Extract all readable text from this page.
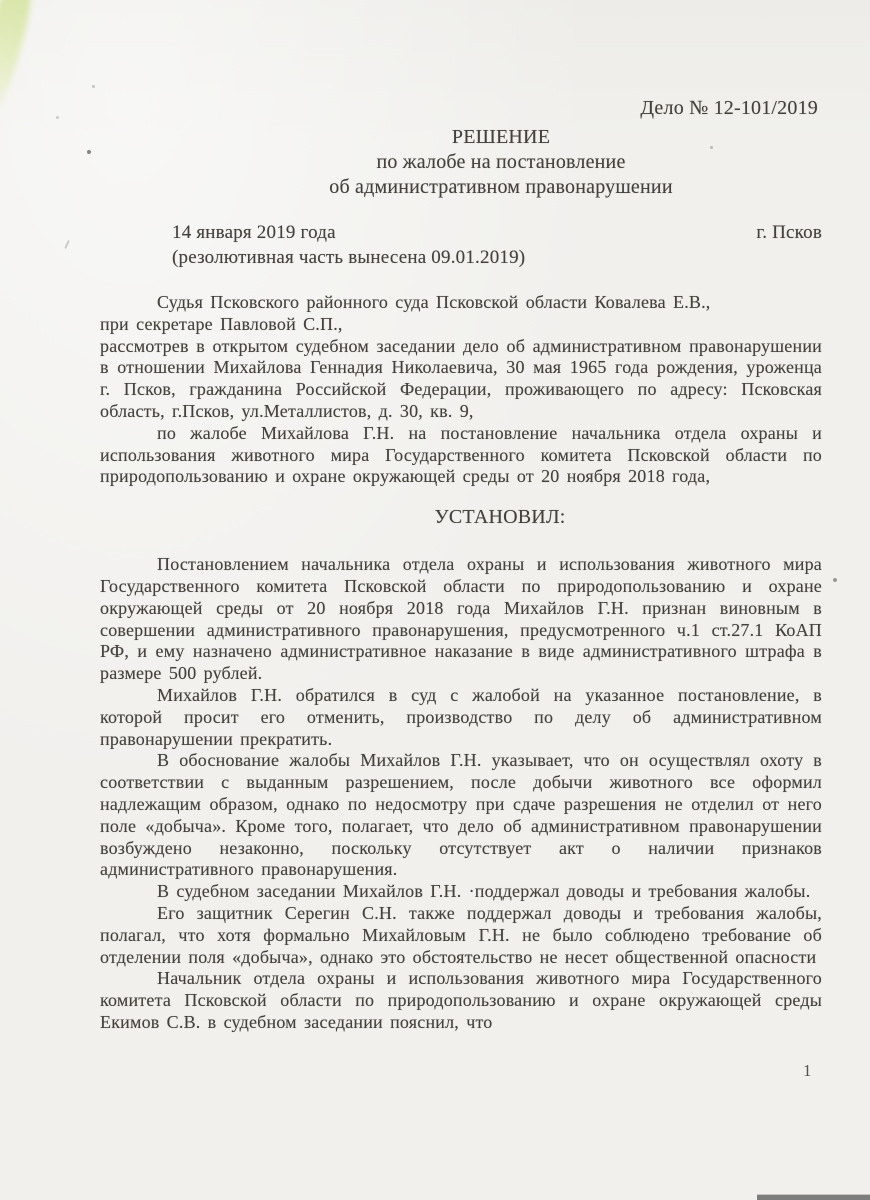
Дело № 12-101/2019
РЕШЕНИЕ
по жалобе на постановление
об административном правонарушении
14 января 2019 года	г. Псков
(резолютивная часть вынесена 09.01.2019)

Судья Псковского районного суда Псковской области Ковалева Е.В.,

при секретаре Павловой С.П.,

рассмотрев в открытом судебном заседании дело об административном правонарушении в отношении Михайлова Геннадия Николаевича, 30 мая 1965 года рождения, уроженца г. Псков, гражданина Российской Федерации, проживающего по адресу: Псковская область, г.Псков, ул.Металлистов, д. 30, кв. 9,

по жалобе Михайлова Г.Н. на постановление начальника отдела охраны и использования животного мира Государственного комитета Псковской области по природопользованию и охране окружающей среды от 20 ноября 2018 года,

УСТАНОВИЛ:

Постановлением начальника отдела охраны и использования животного мира Государственного комитета Псковской области по природопользованию и охране окружающей среды от 20 ноября 2018 года Михайлов Г.Н. признан виновным в совершении административного правонарушения, предусмотренного ч.1 ст.27.1 КоАП РФ, и ему назначено административное наказание в виде административного штрафа в размере 500 рублей.

Михайлов Г.Н. обратился в суд с жалобой на указанное постановление, в которой просит его отменить, производство по делу об административном правонарушении прекратить.

В обоснование жалобы Михайлов Г.Н. указывает, что он осуществлял охоту в соответствии с выданным разрешением, после добычи животного все оформил надлежащим образом, однако по недосмотру при сдаче разрешения не отделил от него поле «добыча». Кроме того, полагает, что дело об административном правонарушении возбуждено незаконно, поскольку отсутствует акт о наличии признаков административного правонарушения.

В судебном заседании Михайлов Г.Н. ·поддержал доводы и требования жалобы.

Его защитник Серегин С.Н. также поддержал доводы и требования жалобы, полагал, что хотя формально Михайловым Г.Н. не было соблюдено требование об отделении поля «добыча», однако это обстоятельство не несет общественной опасности

Начальник отдела охраны и использования животного мира Государственного комитета Псковской области по природопользованию и охране окружающей среды Екимов С.В. в судебном заседании пояснил, что

1
